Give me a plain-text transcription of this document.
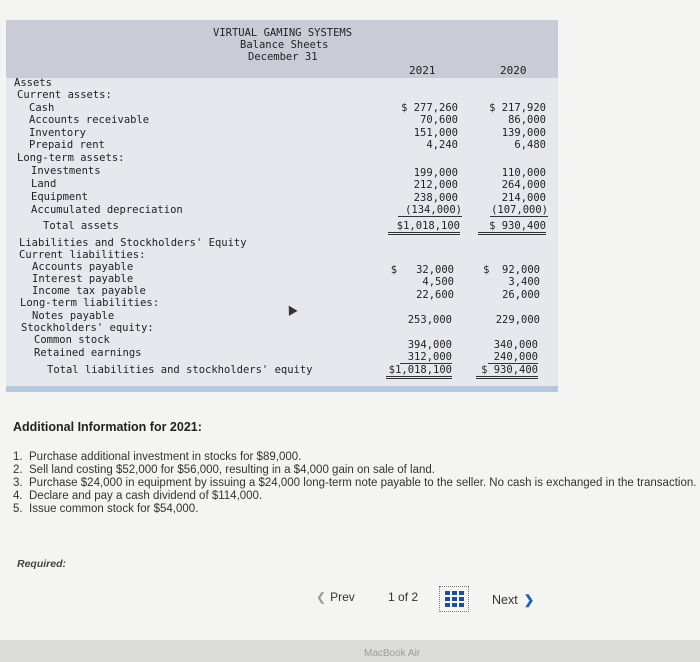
VIRTUAL GAMING SYSTEMS
Balance Sheets
December 31
2021	2020
Assets
Current assets:
Cash	$ 277,260	$ 217,920
Accounts receivable	70,600	86,000
Inventory	151,000	139,000
Prepaid rent	4,240	6,480
Long-term assets:
Investments	199,000	110,000
Land	212,000	264,000
Equipment	238,000	214,000
Accumulated depreciation	(134,000)	(107,000)
Total assets	$1,018,100	$ 930,400
Liabilities and Stockholders' Equity
Current liabilities:
Accounts payable	$   32,000	$  92,000
Interest payable	4,500	3,400
Income tax payable	22,600	26,000
Long-term liabilities:
Notes payable	253,000	229,000
Stockholders' equity:
Common stock	394,000	340,000
Retained earnings	312,000	240,000
Total liabilities and stockholders' equity	$1,018,100	$ 930,400
Additional Information for 2021:
1. Purchase additional investment in stocks for $89,000.
2. Sell land costing $52,000 for $56,000, resulting in a $4,000 gain on sale of land.
3. Purchase $24,000 in equipment by issuing a $24,000 long-term note payable to the seller. No cash is exchanged in the transaction.
4. Declare and pay a cash dividend of $114,000.
5. Issue common stock for $54,000.
Required:
❮ Prev	1 of 2	Next ❯
MacBook Air
